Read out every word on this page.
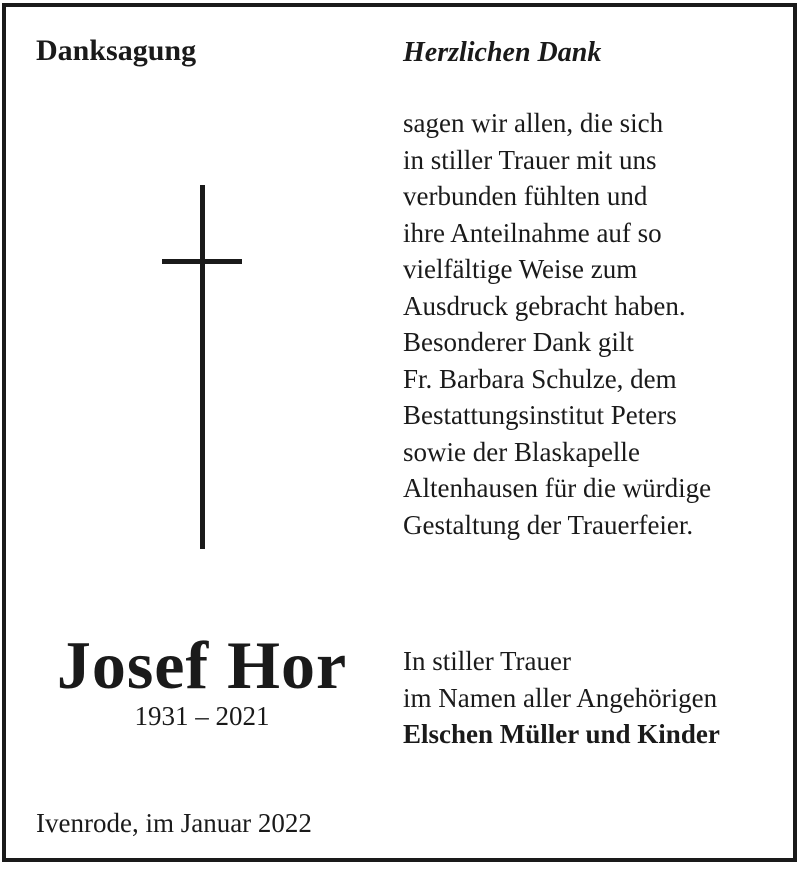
Danksagung	Herzlichen Dank
sagen wir allen, die sich
in stiller Trauer mit uns
verbunden fühlten und
ihre Anteilnahme auf so
vielfältige Weise zum
Ausdruck gebracht haben.
Besonderer Dank gilt
Fr. Barbara Schulze, dem
Bestattungsinstitut Peters
sowie der Blaskapelle
Altenhausen für die würdige
Gestaltung der Trauerfeier.
Josef Hor
1931 – 2021
In stiller Trauer
im Namen aller Angehörigen
Elschen Müller und Kinder
Ivenrode, im Januar 2022
